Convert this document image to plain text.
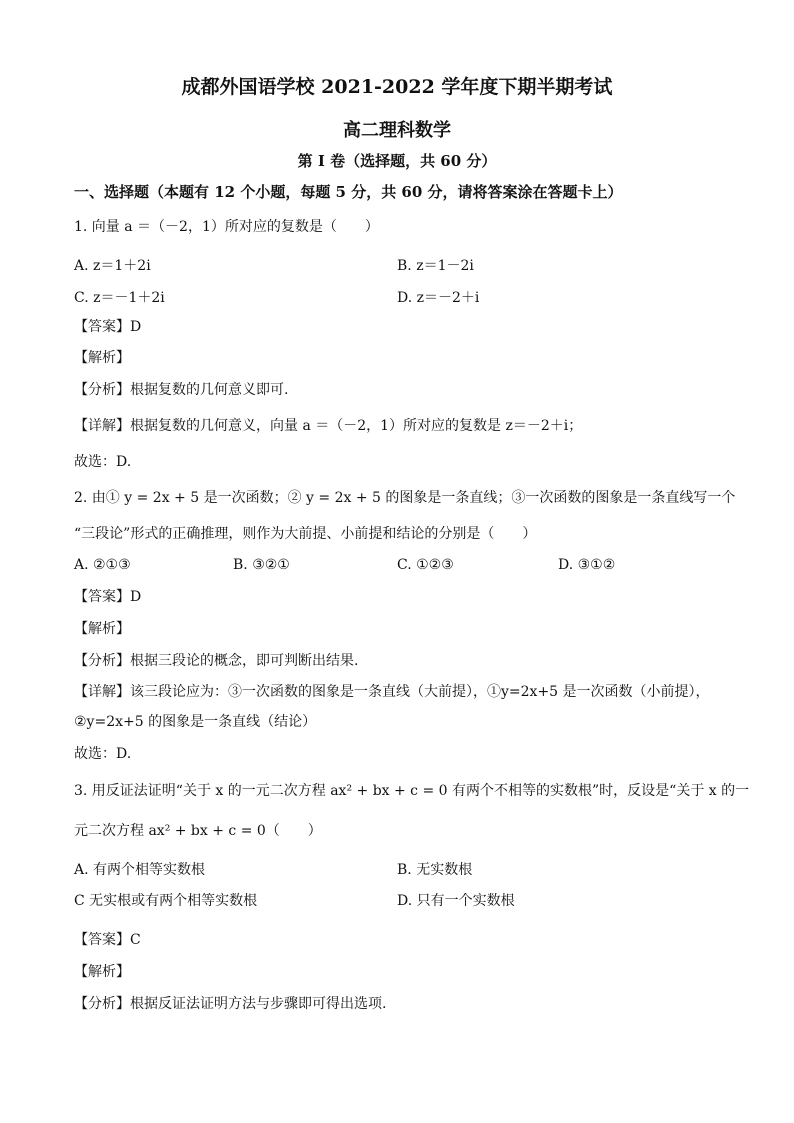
成都外国语学校 2021-2022 学年度下期半期考试
高二理科数学
第 I 卷（选择题，共 60 分）
一、选择题（本题有 12 个小题，每题 5 分，共 60 分，请将答案涂在答题卡上）
1. 向量 a ＝（－2，1）所对应的复数是（　　）
A. z＝1＋2i	B. z＝1－2i
C. z＝－1＋2i	D. z＝－2＋i
【答案】D
【解析】
【分析】根据复数的几何意义即可.
【详解】根据复数的几何意义，向量 a ＝（－2，1）所对应的复数是 z＝－2＋i；
故选：D.
2. 由① y = 2x + 5 是一次函数；② y = 2x + 5 的图象是一条直线；③一次函数的图象是一条直线写一个
“三段论”形式的正确推理，则作为大前提、小前提和结论的分别是（　　）
A. ②①③	B. ③②①	C. ①②③	D. ③①②
【答案】D
【解析】
【分析】根据三段论的概念，即可判断出结果.
【详解】该三段论应为：③一次函数的图象是一条直线（大前提），①y=2x+5 是一次函数（小前提），
②y=2x+5 的图象是一条直线（结论）
故选：D.
3. 用反证法证明“关于 x 的一元二次方程 ax² + bx + c = 0 有两个不相等的实数根”时，反设是“关于 x 的一
元二次方程 ax² + bx + c = 0（　　）
A. 有两个相等实数根	B. 无实数根
C 无实根或有两个相等实数根	D. 只有一个实数根
【答案】C
【解析】
【分析】根据反证法证明方法与步骤即可得出选项.
